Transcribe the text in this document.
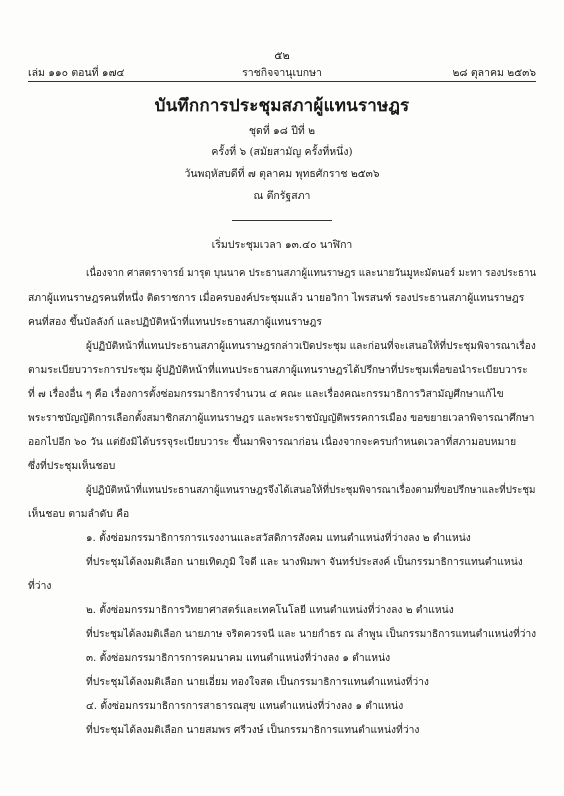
๕๒
เล่ม ๑๑๐ ตอนที่ ๑๗๔	ราชกิจจานุเบกษา	๒๘ ตุลาคม ๒๕๓๖
บันทึกการประชุมสภาผู้แทนราษฎร
ชุดที่ ๑๘ ปีที่ ๒
ครั้งที่ ๖ (สมัยสามัญ ครั้งที่หนึ่ง)
วันพฤหัสบดีที่ ๗ ตุลาคม พุทธศักราช ๒๕๓๖
ณ ตึกรัฐสภา
เริ่มประชุมเวลา ๑๓.๔๐ นาฬิกา
เนื่องจาก ศาสตราจารย์ มารุต บุนนาค ประธานสภาผู้แทนราษฎร และนายวันมูหะมัดนอร์ มะทา รองประธาน
สภาผู้แทนราษฎรคนที่หนึ่ง ติดราชการ เมื่อครบองค์ประชุมแล้ว นายอวิกา ไพรสนฑ์ รองประธานสภาผู้แทนราษฎร
คนที่สอง ขึ้นบัลลังก์ และปฏิบัติหน้าที่แทนประธานสภาผู้แทนราษฎร
ผู้ปฏิบัติหน้าที่แทนประธานสภาผู้แทนราษฎรกล่าวเปิดประชุม และก่อนที่จะเสนอให้ที่ประชุมพิจารณาเรื่อง
ตามระเบียบวาระการประชุม ผู้ปฏิบัติหน้าที่แทนประธานสภาผู้แทนราษฎรได้ปรึกษาที่ประชุมเพื่อขอนำระเบียบวาระ
ที่ ๗ เรื่องอื่น ๆ คือ เรื่องการตั้งซ่อมกรรมาธิการจำนวน ๔ คณะ และเรื่องคณะกรรมาธิการวิสามัญศึกษาแก้ไข
พระราชบัญญัติการเลือกตั้งสมาชิกสภาผู้แทนราษฎร และพระราชบัญญัติพรรคการเมือง ขอขยายเวลาพิจารณาศึกษา
ออกไปอีก ๖๐ วัน แต่ยังมิได้บรรจุระเบียบวาระ ขึ้นมาพิจารณาก่อน เนื่องจากจะครบกำหนดเวลาที่สภามอบหมาย
ซึ่งที่ประชุมเห็นชอบ
ผู้ปฏิบัติหน้าที่แทนประธานสภาผู้แทนราษฎรจึงได้เสนอให้ที่ประชุมพิจารณาเรื่องตามที่ขอปรึกษาและที่ประชุม
เห็นชอบ ตามลำดับ คือ
๑. ตั้งซ่อมกรรมาธิการการแรงงานและสวัสดิการสังคม แทนตำแหน่งที่ว่างลง ๒ ตำแหน่ง
ที่ประชุมได้ลงมติเลือก นายเทิดภูมิ ใจดี และ นางพิมพา จันทร์ประสงค์ เป็นกรรมาธิการแทนตำแหน่ง
ที่ว่าง
๒. ตั้งซ่อมกรรมาธิการวิทยาศาสตร์และเทคโนโลยี แทนตำแหน่งที่ว่างลง ๒ ตำแหน่ง
ที่ประชุมได้ลงมติเลือก นายภาษ จริตควรจนี และ นายกำธร ณ ลำพูน เป็นกรรมาธิการแทนตำแหน่งที่ว่าง
๓. ตั้งซ่อมกรรมาธิการการคมนาคม แทนตำแหน่งที่ว่างลง ๑ ตำแหน่ง
ที่ประชุมได้ลงมติเลือก นายเอี่ยม ทองใจสด เป็นกรรมาธิการแทนตำแหน่งที่ว่าง
๔. ตั้งซ่อมกรรมาธิการการสาธารณสุข แทนตำแหน่งที่ว่างลง ๑ ตำแหน่ง
ที่ประชุมได้ลงมติเลือก นายสมพร ศรีวงษ์ เป็นกรรมาธิการแทนตำแหน่งที่ว่าง
